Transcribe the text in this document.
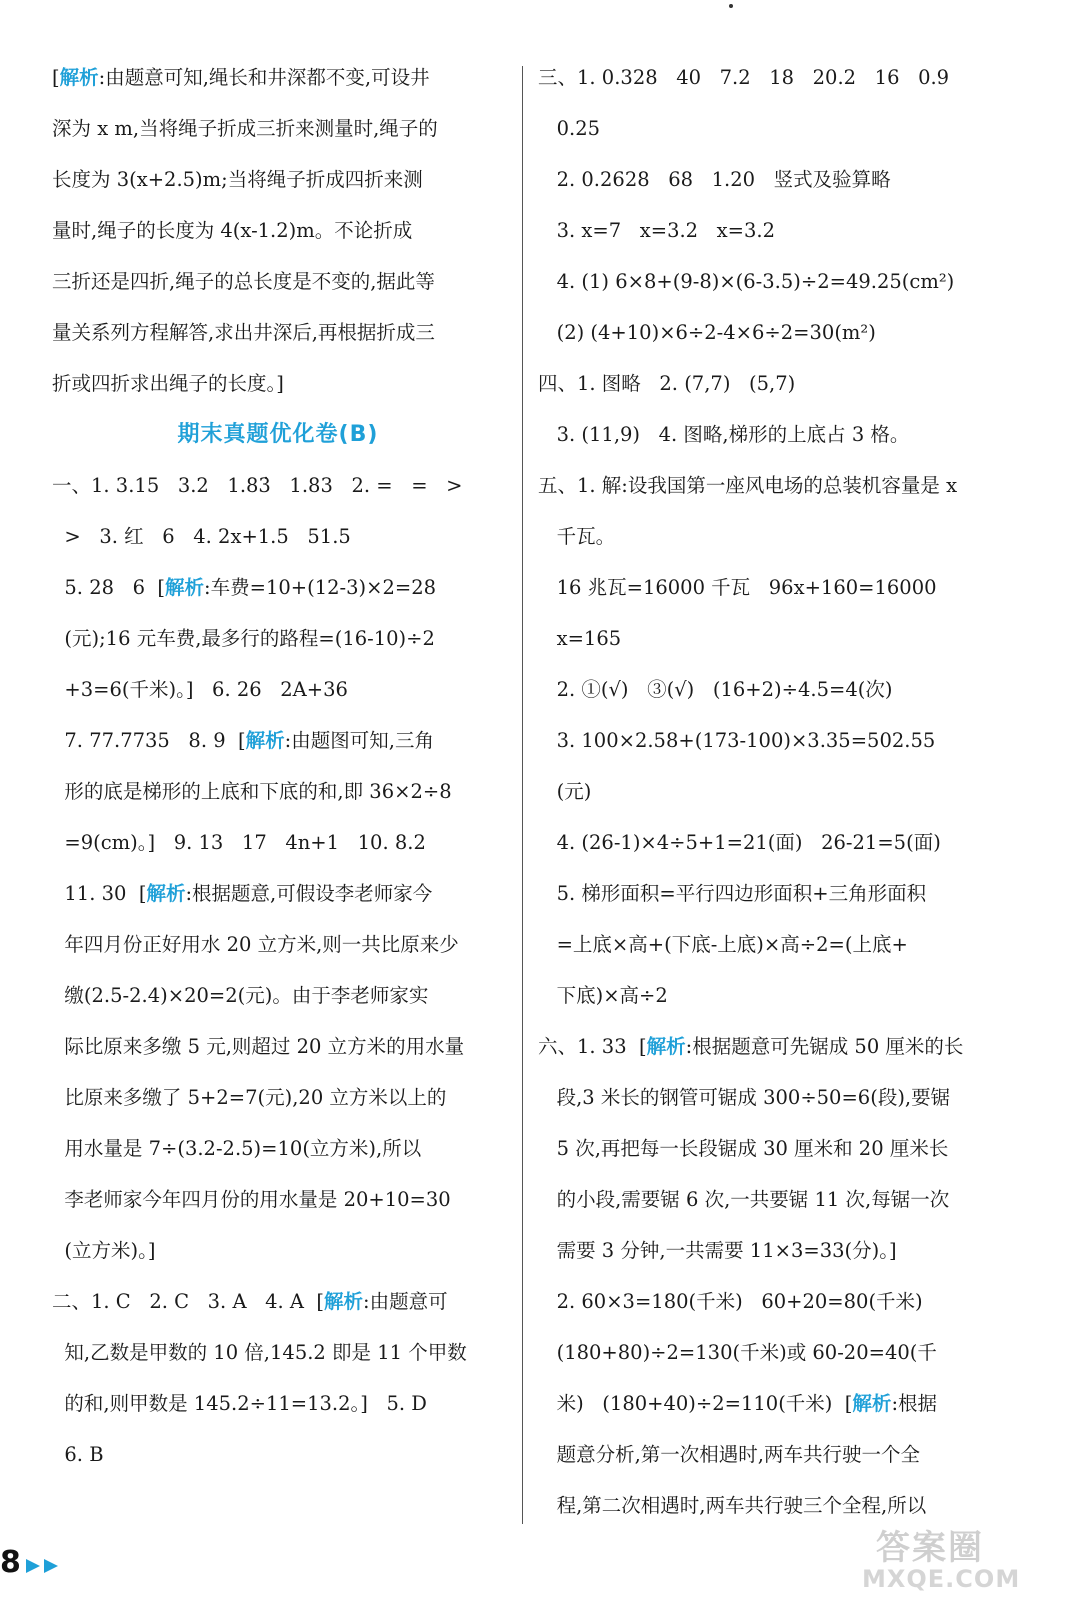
[解析:由题意可知,绳长和井深都不变,可设井
深为 x m,当将绳子折成三折来测量时,绳子的
长度为 3(x+2.5)m;当将绳子折成四折来测
量时,绳子的长度为 4(x-1.2)m。不论折成
三折还是四折,绳子的总长度是不变的,据此等
量关系列方程解答,求出井深后,再根据折成三
折或四折求出绳子的长度。]
期末真题优化卷(B)
一、1. 3.15   3.2   1.83̇   1.83   2. =   =   >
>   3. 红   6   4. 2x+1.5   51.5
5. 28   6  [解析:车费=10+(12-3)×2=28
(元);16 元车费,最多行的路程=(16-10)÷2
+3=6(千米)。]   6. 26   2A+36
7. 77.7735   8. 9  [解析:由题图可知,三角
形的底是梯形的上底和下底的和,即 36×2÷8
=9(cm)。]   9. 13   17   4n+1   10. 8.2
11. 30  [解析:根据题意,可假设李老师家今
年四月份正好用水 20 立方米,则一共比原来少
缴(2.5-2.4)×20=2(元)。由于李老师家实
际比原来多缴 5 元,则超过 20 立方米的用水量
比原来多缴了 5+2=7(元),20 立方米以上的
用水量是 7÷(3.2-2.5)=10(立方米),所以
李老师家今年四月份的用水量是 20+10=30
(立方米)。]
二、1. C   2. C   3. A   4. A  [解析:由题意可
知,乙数是甲数的 10 倍,145.2 即是 11 个甲数
的和,则甲数是 145.2÷11=13.2。]   5. D
6. B
三、1. 0.328   40   7.2   18   20.2   16   0.9
0.25
2. 0.2628   68   1.20   竖式及验算略
3. x=7   x=3.2   x=3.2
4. (1) 6×8+(9-8)×(6-3.5)÷2=49.25(cm²)
(2) (4+10)×6÷2-4×6÷2=30(m²)
四、1. 图略   2. (7,7)   (5,7)
3. (11,9)   4. 图略,梯形的上底占 3 格。
五、1. 解:设我国第一座风电场的总装机容量是 x
千瓦。
16 兆瓦=16000 千瓦   96x+160=16000
x=165
2. ①(√)   ③(√)   (16+2)÷4.5=4(次)
3. 100×2.58+(173-100)×3.35=502.55
(元)
4. (26-1)×4÷5+1=21(面)   26-21=5(面)
5. 梯形面积=平行四边形面积+三角形面积
=上底×高+(下底-上底)×高÷2=(上底+
下底)×高÷2
六、1. 33  [解析:根据题意可先锯成 50 厘米的长
段,3 米长的钢管可锯成 300÷50=6(段),要锯
5 次,再把每一长段锯成 30 厘米和 20 厘米长
的小段,需要锯 6 次,一共要锯 11 次,每锯一次
需要 3 分钟,一共需要 11×3=33(分)。]
2. 60×3=180(千米)   60+20=80(千米)
(180+80)÷2=130(千米)或 60-20=40(千
米)   (180+40)÷2=110(千米)  [解析:根据
题意分析,第一次相遇时,两车共行驶一个全
程,第二次相遇时,两车共行驶三个全程,所以
8	答案圈
MXQE.COM
